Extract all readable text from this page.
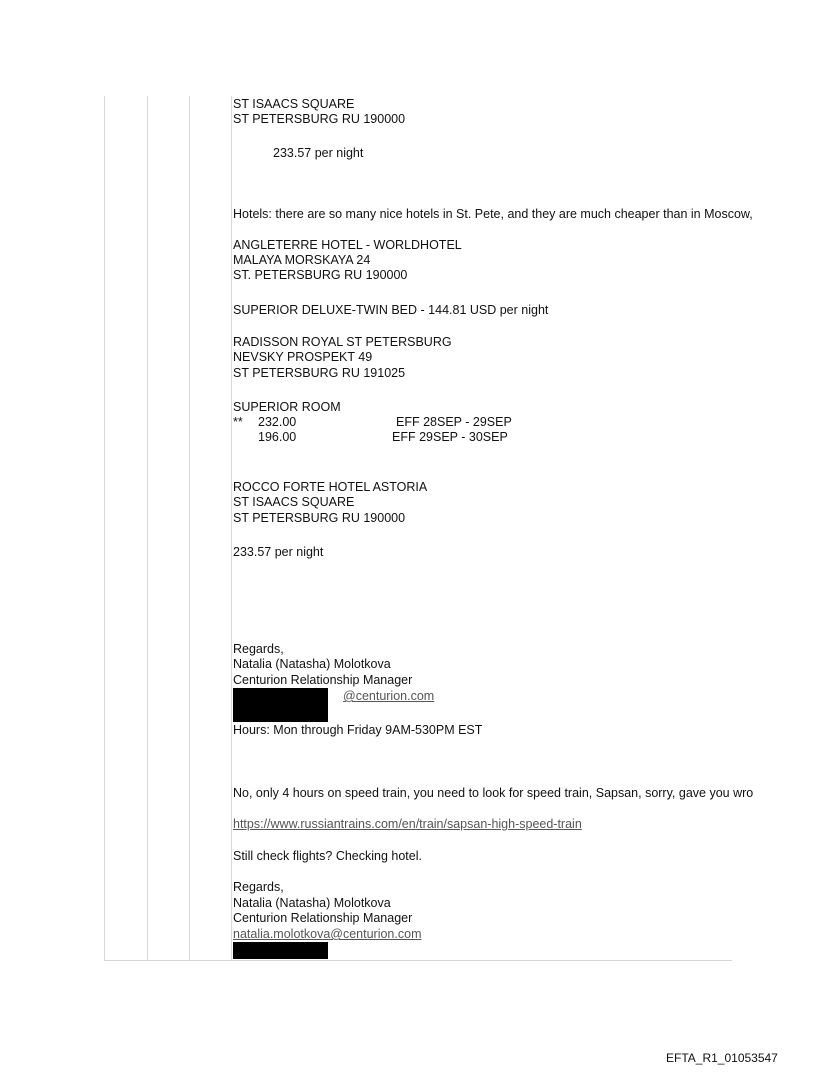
ST ISAACS SQUARE
ST PETERSBURG RU 190000
233.57 per night
Hotels: there are so many nice hotels in St. Pete, and they are much cheaper than in Moscow,
ANGLETERRE HOTEL - WORLDHOTEL
MALAYA MORSKAYA 24
ST. PETERSBURG RU 190000
SUPERIOR DELUXE-TWIN BED - 144.81 USD per night
RADISSON ROYAL ST PETERSBURG
NEVSKY PROSPEKT 49
ST PETERSBURG RU 191025
SUPERIOR ROOM
** 232.00	EFF 28SEP - 29SEP
196.00	EFF 29SEP - 30SEP
ROCCO FORTE HOTEL ASTORIA
ST ISAACS SQUARE
ST PETERSBURG RU 190000
233.57 per night
Regards,
Natalia (Natasha) Molotkova
Centurion Relationship Manager
@centurion.com
Hours: Mon through Friday 9AM-530PM EST
No, only 4 hours on speed train, you need to look for speed train, Sapsan, sorry, gave you wro
https://www.russiantrains.com/en/train/sapsan-high-speed-train
Still check flights? Checking hotel.
Regards,
Natalia (Natasha) Molotkova
Centurion Relationship Manager
natalia.molotkova@centurion.com
EFTA_R1_01053547
